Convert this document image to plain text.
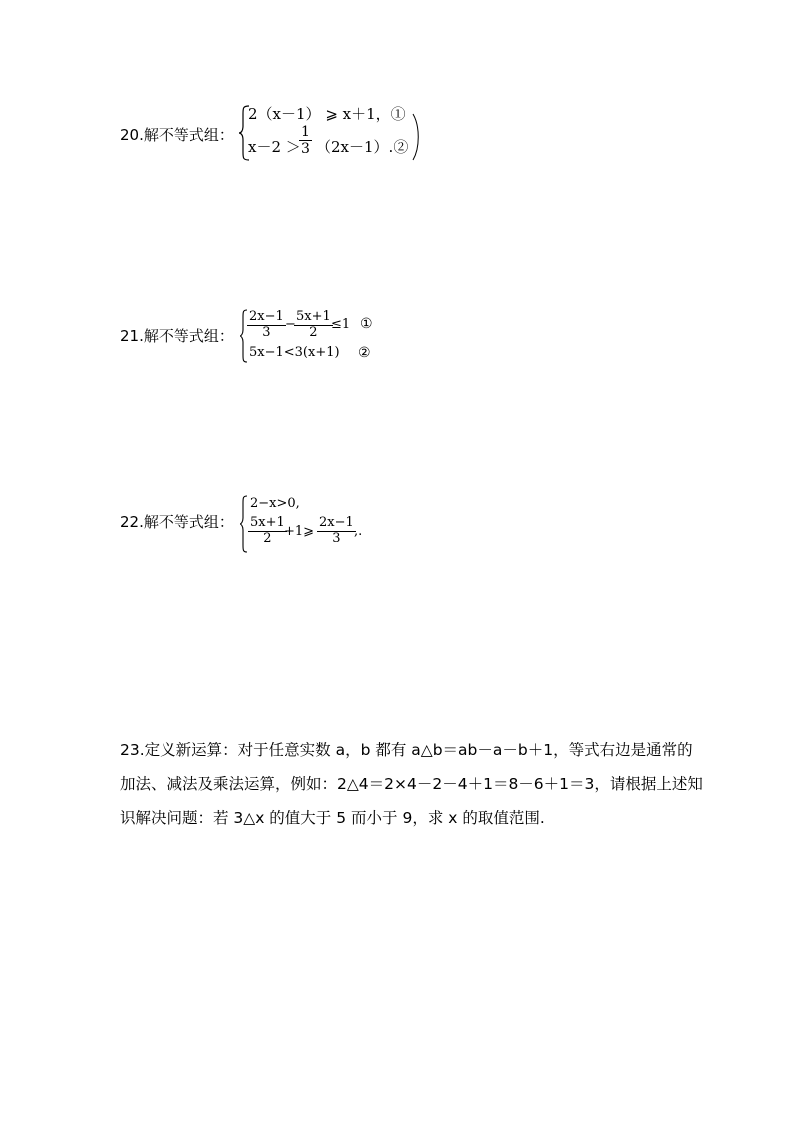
20.解不等式组：
2（x－1） ⩾ x＋1，①
x－2 ＞
$\frac{1}{3}$ （2x－1）.②
21.解不等式组： $\frac{2x-1}{3}$ −
$\frac{5x+1}{2}$
≤1 ①
5x−1<3(x+1) ②
22.解不等式组：
2−x>0,
$\frac{5x+1}{2}$
+1⩾ $\frac{2x-1}{3}$
,.
23.定义新运算：对于任意实数 a，b 都有 a△b＝ab－a－b＋1，等式右边是通常的
加法、减法及乘法运算，例如：2△4＝2×4－2－4＋1＝8－6＋1＝3，请根据上述知
识解决问题：若 3△x 的值大于 5 而小于 9，求 x 的取值范围.
